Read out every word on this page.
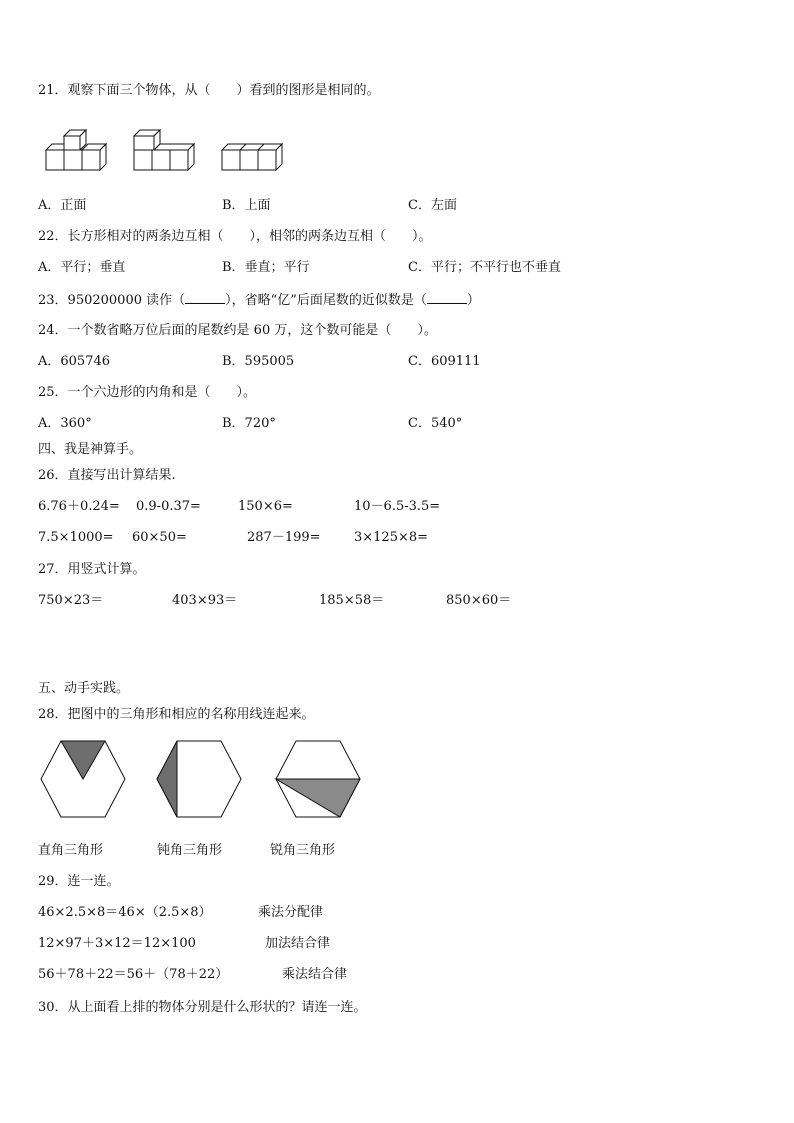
21．观察下面三个物体，从（　　）看到的图形是相同的。
A．正面	B．上面	C．左面
22．长方形相对的两条边互相（　　），相邻的两条边互相（　　）。
A．平行；垂直	B．垂直；平行	C．平行；不平行也不垂直
23．950200000 读作（	），省略“亿”后面尾数的近似数是（	）
24．一个数省略万位后面的尾数约是 60 万，这个数可能是（　　）。
A．605746	B．595005	C．609111
25．一个六边形的内角和是（　　）。
A．360°	B．720°	C．540°
四、我是神算手。
26．直接写出计算结果.
6.76＋0.24= 0.9-0.37=	150×6=	10－6.5-3.5=
7.5×1000= 60×50=	287－199=	3×125×8=
27．用竖式计算。
750×23＝	403×93＝	185×58＝	850×60＝
五、动手实践。
28．把图中的三角形和相应的名称用线连起来。
直角三角形	钝角三角形	锐角三角形
29．连一连。
46×2.5×8＝46×（2.5×8）	乘法分配律
12×97＋3×12＝12×100	加法结合律
56＋78＋22＝56＋（78＋22）	乘法结合律
30．从上面看上排的物体分别是什么形状的？请连一连。
